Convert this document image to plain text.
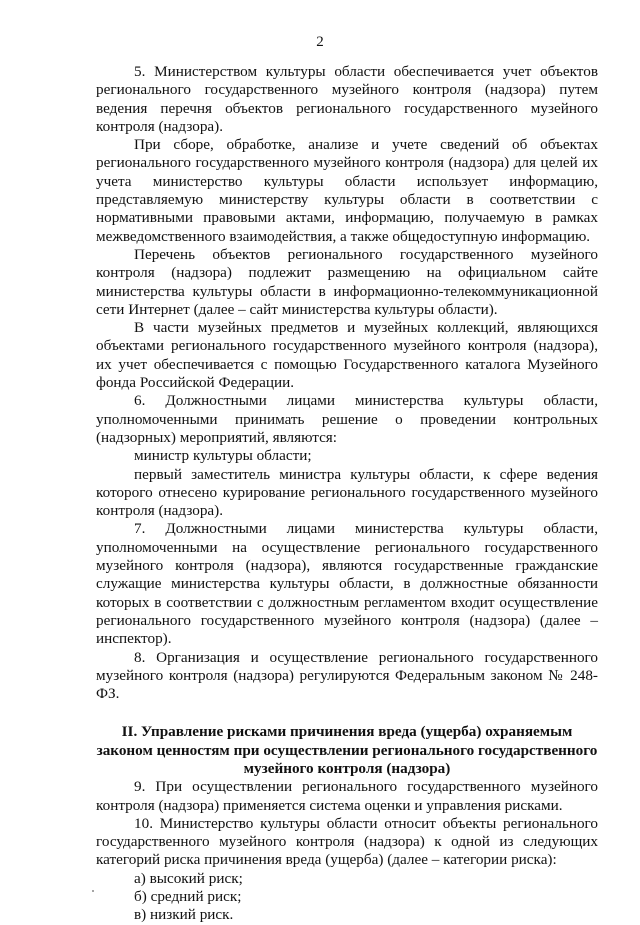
2

5. Министерством культуры области обеспечивается учет объектов регионального государственного музейного контроля (надзора) путем ведения перечня объектов регионального государственного музейного контроля (надзора).

При сборе, обработке, анализе и учете сведений об объектах регионального государственного музейного контроля (надзора) для целей их учета министерство культуры области использует информацию, представляемую министерству культуры области в соответствии с нормативными правовыми актами, информацию, получаемую в рамках межведомственного взаимодействия, а также общедоступную информацию.

Перечень объектов регионального государственного музейного контроля (надзора) подлежит размещению на официальном сайте министерства культуры области в информационно-телекоммуникационной сети Интернет (далее – сайт министерства культуры области).

В части музейных предметов и музейных коллекций, являющихся объектами регионального государственного музейного контроля (надзора), их учет обеспечивается с помощью Государственного каталога Музейного фонда Российской Федерации.

6. Должностными лицами министерства культуры области, уполномоченными принимать решение о проведении контрольных (надзорных) мероприятий, являются:

министр культуры области;

первый заместитель министра культуры области, к сфере ведения которого отнесено курирование регионального государственного музейного контроля (надзора).

7. Должностными лицами министерства культуры области, уполномоченными на осуществление регионального государственного музейного контроля (надзора), являются государственные гражданские служащие министерства культуры области, в должностные обязанности которых в соответствии с должностным регламентом входит осуществление регионального государственного музейного контроля (надзора) (далее – инспектор).

8. Организация и осуществление регионального государственного музейного контроля (надзора) регулируются Федеральным законом № 248-ФЗ.

II. Управление рисками причинения вреда (ущерба) охраняемым законом ценностям при осуществлении регионального государственного музейного контроля (надзора)

9. При осуществлении регионального государственного музейного контроля (надзора) применяется система оценки и управления рисками.

10. Министерство культуры области относит объекты регионального государственного музейного контроля (надзора) к одной из следующих категорий риска причинения вреда (ущерба) (далее – категории риска):

а) высокий риск;

б) средний риск;

в) низкий риск.
